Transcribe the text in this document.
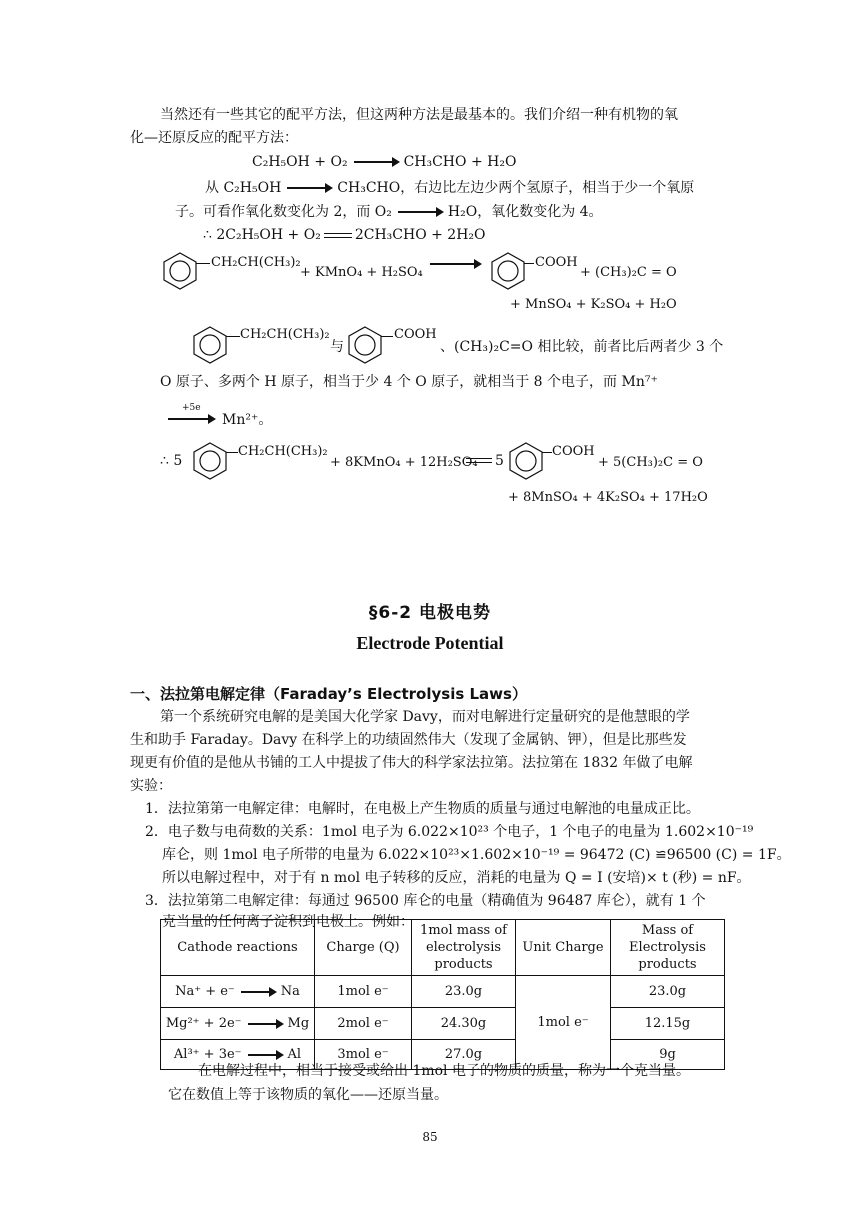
当然还有一些其它的配平方法，但这两种方法是最基本的。我们介绍一种有机物的氧
化—还原反应的配平方法：
C₂H₅OH + O₂ → CH₃CHO + H₂O
从 C₂H₅OH → CH₃CHO，右边比左边少两个氢原子，相当于少一个氧原
子。可看作氧化数变化为 2，而 O₂ → H₂O，氧化数变化为 4。
∴ 2C₂H₅OH + O₂ 2CH₃CHO + 2H₂O
CH₂CH(CH₃)₂
+ KMnO₄ + H₂SO₄
COOH
+ (CH₃)₂C = O
+ MnSO₄ + K₂SO₄ + H₂O
CH₂CH(CH₃)₂
与
COOH
、(CH₃)₂C=O 相比较，前者比后两者少 3 个
O 原子、多两个 H 原子，相当于少 4 个 O 原子，就相当于 8 个电子，而 Mn⁷⁺
+5e
Mn²⁺。
∴ 5
CH₂CH(CH₃)₂
+ 8KMnO₄ + 12H₂SO₄ 5
COOH
+ 5(CH₃)₂C = O
+ 8MnSO₄ + 4K₂SO₄ + 17H₂O
§6-2 电极电势
Electrode Potential
一、法拉第电解定律（Faraday’s Electrolysis Laws）
第一个系统研究电解的是美国大化学家 Davy，而对电解进行定量研究的是他慧眼的学
生和助手 Faraday。Davy 在科学上的功绩固然伟大（发现了金属钠、钾），但是比那些发
现更有价值的是他从书铺的工人中提拔了伟大的科学家法拉第。法拉第在 1832 年做了电解
实验：
1．法拉第第一电解定律：电解时，在电极上产生物质的质量与通过电解池的电量成正比。
2．电子数与电荷数的关系：1mol 电子为 6.022×10²³ 个电子，1 个电子的电量为 1.602×10⁻¹⁹
库仑，则 1mol 电子所带的电量为 6.022×10²³×1.602×10⁻¹⁹ = 96472 (C) ≌96500 (C) = 1F。
所以电解过程中，对于有 n mol 电子转移的反应，消耗的电量为 Q = I (安培)× t (秒) = nF。
3．法拉第第二电解定律：每通过 96500 库仑的电量（精确值为 96487 库仑），就有 1 个
克当量的任何离子淀积到电极上。例如：
Cathode reactions	Charge (Q)	1mol mass of electrolysis products	Unit Charge	Mass of Electrolysis products
Na⁺ + e⁻ → Na	1mol e⁻	23.0g	1mol e⁻	23.0g
Mg²⁺ + 2e⁻ → Mg	2mol e⁻	24.30g		12.15g
Al³⁺ + 3e⁻ → Al	3mol e⁻	27.0g		9g
在电解过程中，相当于接受或给出 1mol 电子的物质的质量，称为一个克当量。
它在数值上等于该物质的氧化——还原当量。
85
